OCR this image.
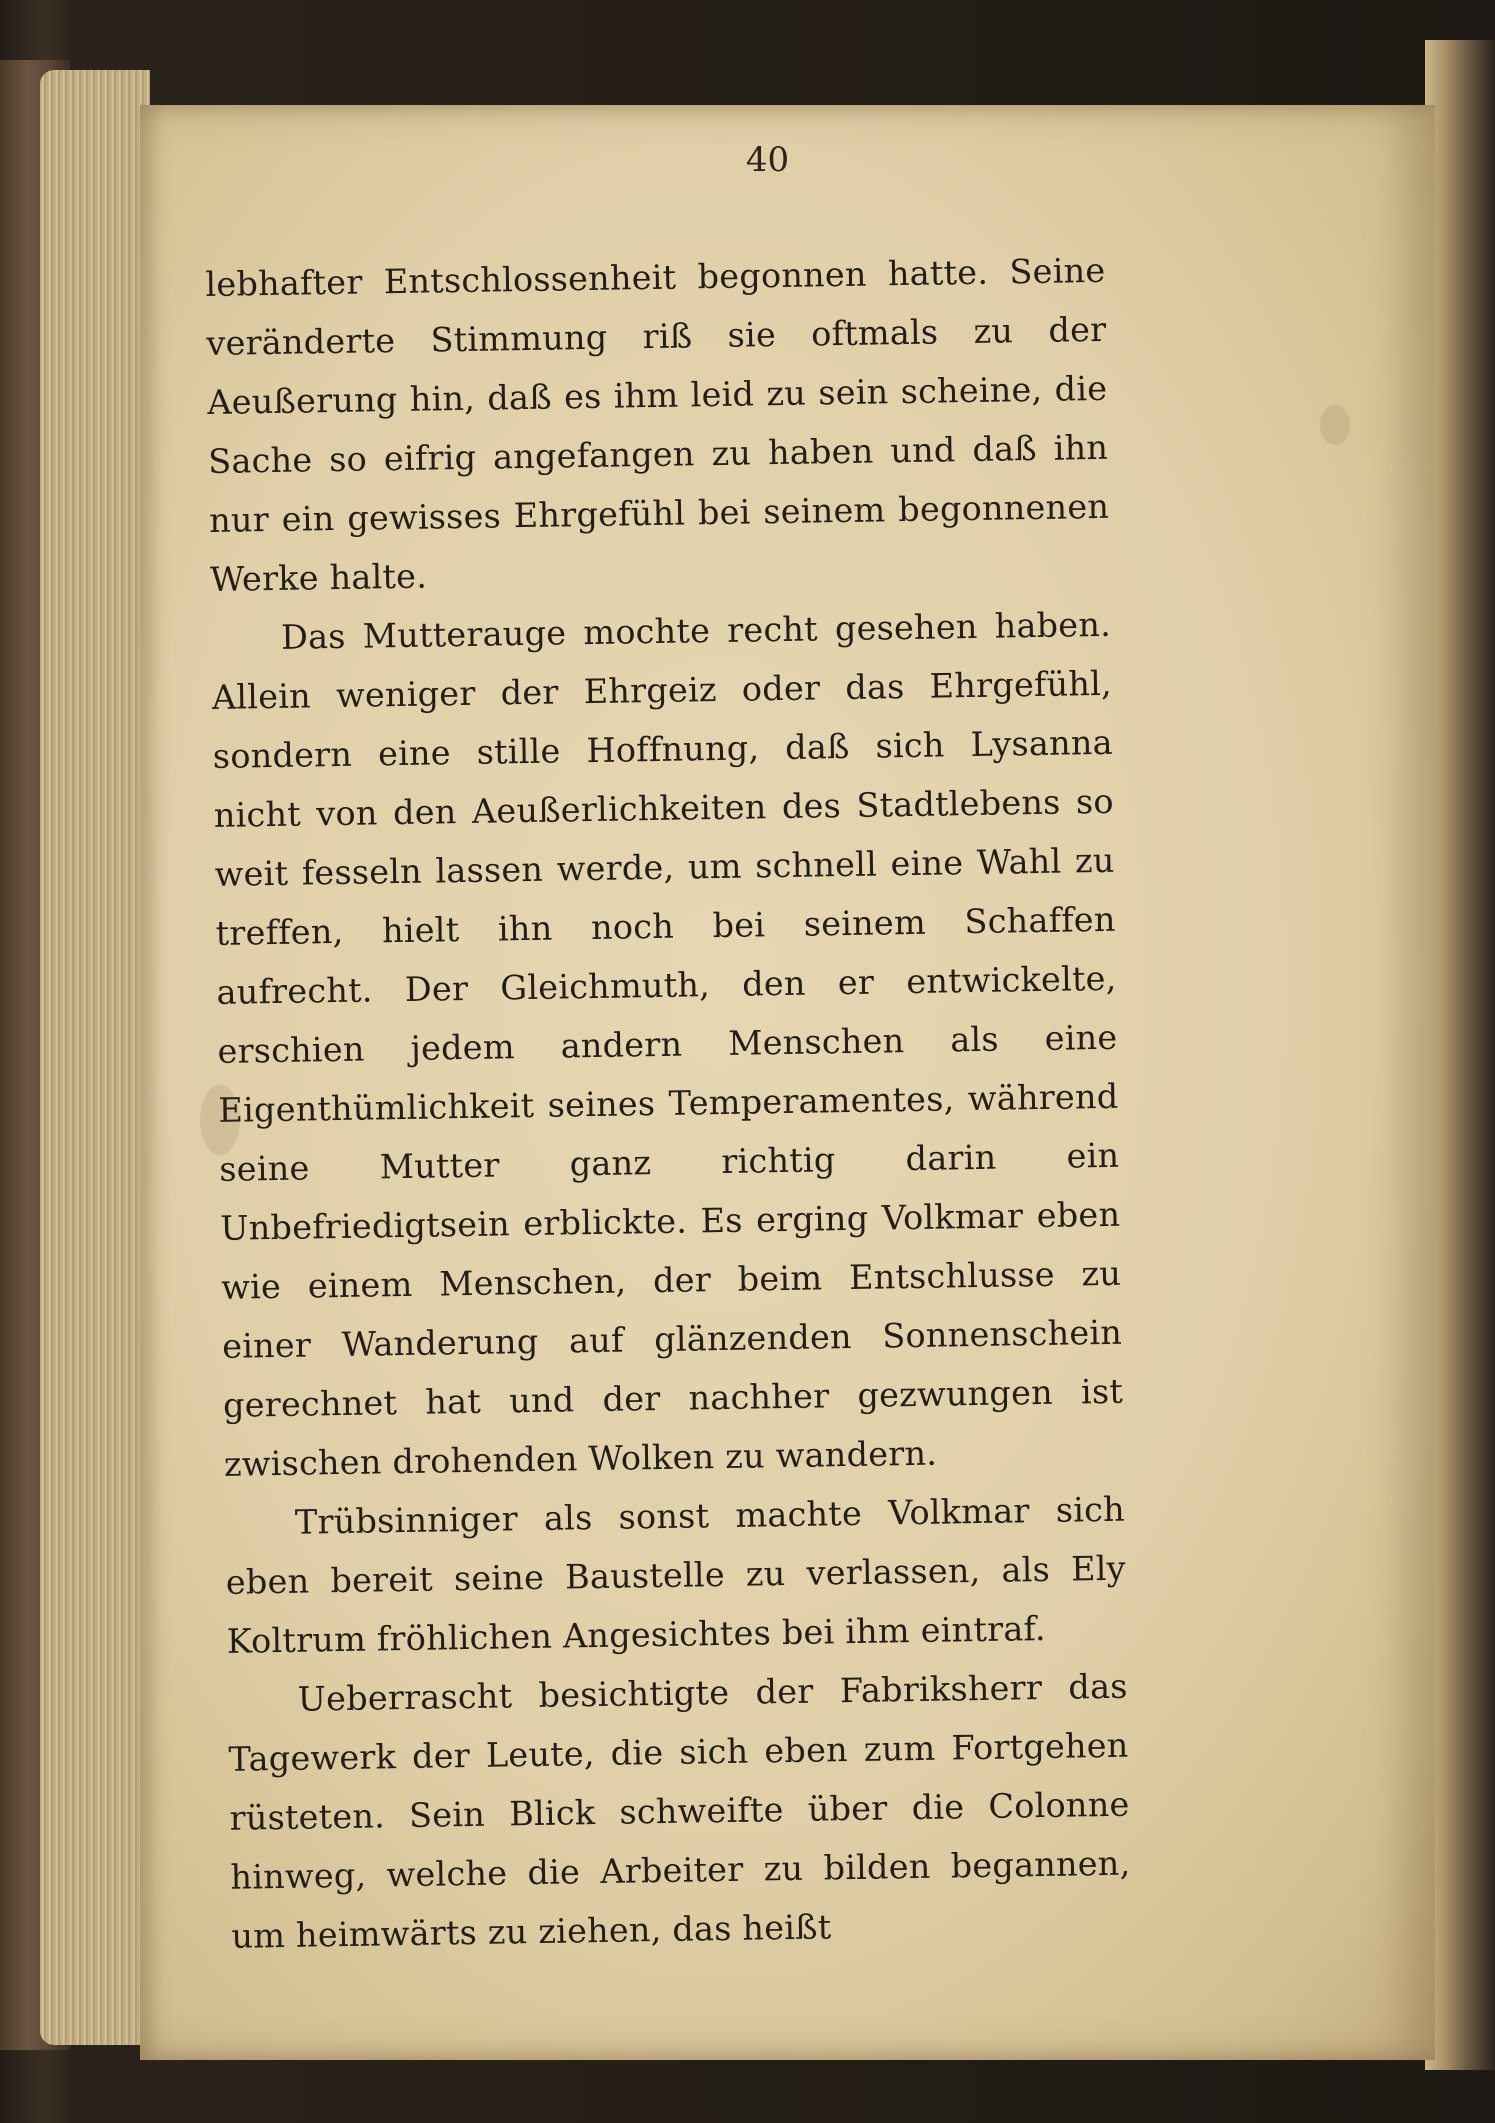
40

lebhafter Entschlossenheit begonnen hatte. Seine veränderte Stimmung riß sie oftmals zu der Aeußerung hin, daß es ihm leid zu sein scheine, die Sache so eifrig angefangen zu haben und daß ihn nur ein gewisses Ehrgefühl bei seinem begonnenen Werke halte.

Das Mutterauge mochte recht gesehen haben. Allein weniger der Ehrgeiz oder das Ehrgefühl, sondern eine stille Hoffnung, daß sich Lysanna nicht von den Aeußerlichkeiten des Stadtlebens so weit fesseln lassen werde, um schnell eine Wahl zu treffen, hielt ihn noch bei seinem Schaffen aufrecht. Der Gleichmuth, den er entwickelte, erschien jedem andern Menschen als eine Eigenthümlichkeit seines Temperamentes, während seine Mutter ganz richtig darin ein Unbefriedigtsein erblickte. Es erging Volkmar eben wie einem Menschen, der beim Entschlusse zu einer Wanderung auf glänzenden Sonnenschein gerechnet hat und der nachher gezwungen ist zwischen drohenden Wolken zu wandern.

Trübsinniger als sonst machte Volkmar sich eben bereit seine Baustelle zu verlassen, als Ely Koltrum fröhlichen Angesichtes bei ihm eintraf.

Ueberrascht besichtigte der Fabriksherr das Tagewerk der Leute, die sich eben zum Fortgehen rüsteten. Sein Blick schweifte über die Colonne hinweg, welche die Arbeiter zu bilden begannen, um heimwärts zu ziehen, das heißt
